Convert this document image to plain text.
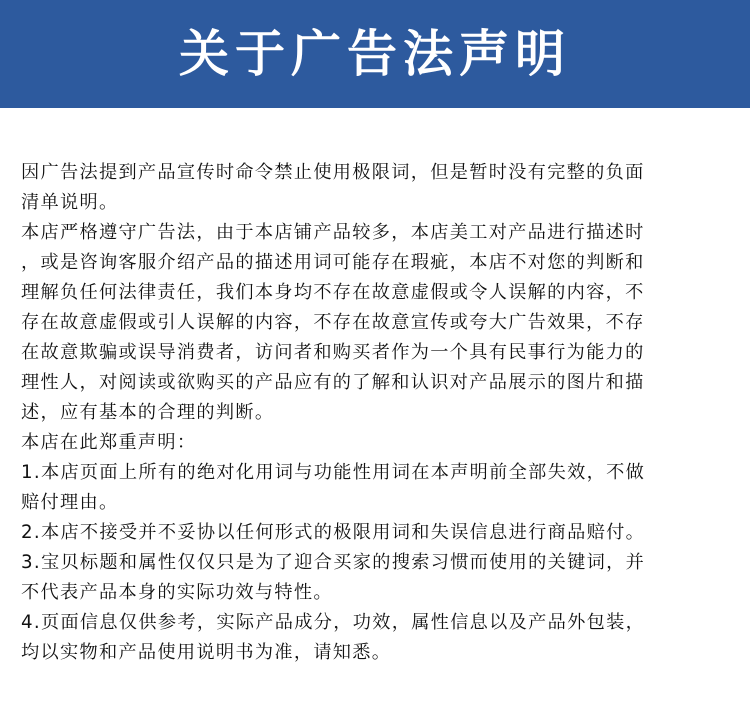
关于广告法声明
因广告法提到产品宣传时命令禁止使用极限词，但是暂时没有完整的负面
清单说明。
本店严格遵守广告法，由于本店铺产品较多，本店美工对产品进行描述时
，或是咨询客服介绍产品的描述用词可能存在瑕疵，本店不对您的判断和
理解负任何法律责任，我们本身均不存在故意虚假或令人误解的内容，不
存在故意虚假或引人误解的内容，不存在故意宣传或夸大广告效果，不存
在故意欺骗或误导消费者，访问者和购买者作为一个具有民事行为能力的
理性人，对阅读或欲购买的产品应有的了解和认识对产品展示的图片和描
述，应有基本的合理的判断。
本店在此郑重声明：
1.本店页面上所有的绝对化用词与功能性用词在本声明前全部失效，不做
赔付理由。
2.本店不接受并不妥协以任何形式的极限用词和失误信息进行商品赔付。
3.宝贝标题和属性仅仅只是为了迎合买家的搜索习惯而使用的关键词，并
不代表产品本身的实际功效与特性。
4.页面信息仅供参考，实际产品成分，功效，属性信息以及产品外包装，
均以实物和产品使用说明书为准，请知悉。
